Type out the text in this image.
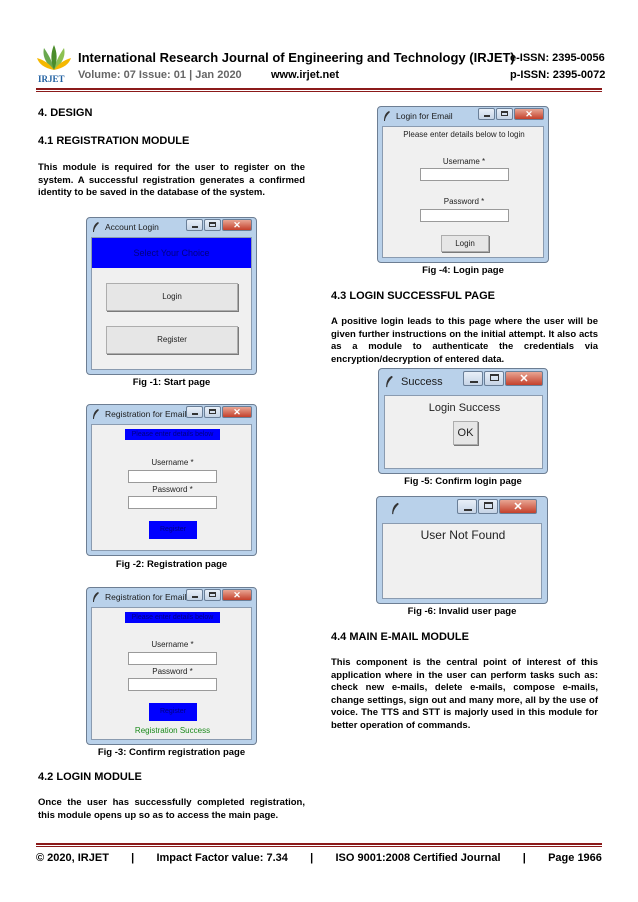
IRJET
International Research Journal of Engineering and Technology (IRJET)
e-ISSN: 2395-0056
Volume: 07 Issue: 01 | Jan 2020	www.irjet.net	p-ISSN: 2395-0072
4. DESIGN
4.1 REGISTRATION MODULE
This module is required for the user to register on the system. A successful registration generates a confirmed identity to be saved in the database of the system.
Account Login	✕
Select Your Choice
Login
Register
Fig -1: Start page
Registration for Email	✕
Please enter details below
Username *
Password *
Register
Fig -2: Registration page
Registration for Email	✕
Please enter details below
Username *
Password *
Register
Registration Success
Fig -3: Confirm registration page
4.2 LOGIN MODULE
Once the user has successfully completed registration, this module opens up so as to access the main page.
Login for Email	✕
Please enter details below to login
Username *
Password *
Login
Fig -4: Login page
4.3 LOGIN SUCCESSFUL PAGE
A positive login leads to this page where the user will be given further instructions on the initial attempt. It also acts as a module to authenticate the credentials via encryption/decryption of entered data.
Success	✕
Login Success
OK
Fig -5: Confirm login page
✕
User Not Found
Fig -6: Invalid user page
4.4 MAIN E-MAIL MODULE
This component is the central point of interest of this application where in the user can perform tasks such as: check new e-mails, delete e-mails, compose e-mails, change settings, sign out and many more, all by the use of voice. The TTS and STT is majorly used in this module for better operation of commands.
© 2020, IRJET | Impact Factor value: 7.34 | ISO 9001:2008 Certified Journal | Page 1966
